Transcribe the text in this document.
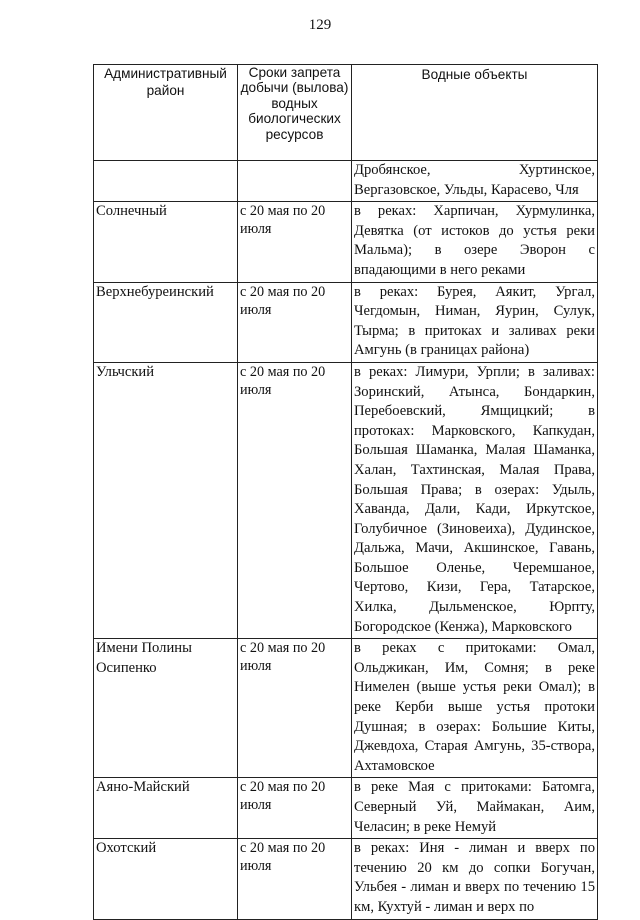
129
Административный район	Сроки запрета добычи (вылова) водных биологических ресурсов	Водные объекты
		Дробянское, Хуртинское, Вергазовское, Ульды, Карасево, Чля
Солнечный	с 20 мая по 20 июля	в реках: Харпичан, Хурмулинка, Девятка (от истоков до устья реки Мальма); в озере Эворон с впадающими в него реками
Верхнебуреинский	с 20 мая по 20 июля	в реках: Бурея, Аякит, Ургал, Чегдомын, Ниман, Яурин, Сулук, Тырма; в притоках и заливах реки Амгунь (в границах района)
Ульчский	с 20 мая по 20 июля	в реках: Лимури, Урпли; в заливах: Зоринский, Атынса, Бондаркин, Перебоевский, Ямщицкий; в протоках: Марковского, Капкудан, Большая Шаманка, Малая Шаманка, Халан, Тахтинская, Малая Права, Большая Права; в озерах: Удыль, Хаванда, Дали, Кади, Иркутское, Голубичное (Зиновеиха), Дудинское, Дальжа, Мачи, Акшинское, Гавань, Большое Оленье, Черемшаное, Чертово, Кизи, Гера, Татарское, Хилка, Дыльменское, Юрпту, Богородское (Кенжа), Марковского
Имени Полины Осипенко	с 20 мая по 20 июля	в реках с притоками: Омал, Ольджикан, Им, Сомня; в реке Нимелен (выше устья реки Омал); в реке Керби выше устья протоки Душная; в озерах: Большие Киты, Джевдоха, Старая Амгунь, 35-створа, Ахтамовское
Аяно-Майский	с 20 мая по 20 июля	в реке Мая с притоками: Батомга, Северный Уй, Маймакан, Аим, Челасин; в реке Немуй
Охотский	с 20 мая по 20 июля	в реках: Иня - лиман и вверх по течению 20 км до сопки Богучан, Ульбея - лиман и вверх по течению 15 км, Кухтуй - лиман и верх по
